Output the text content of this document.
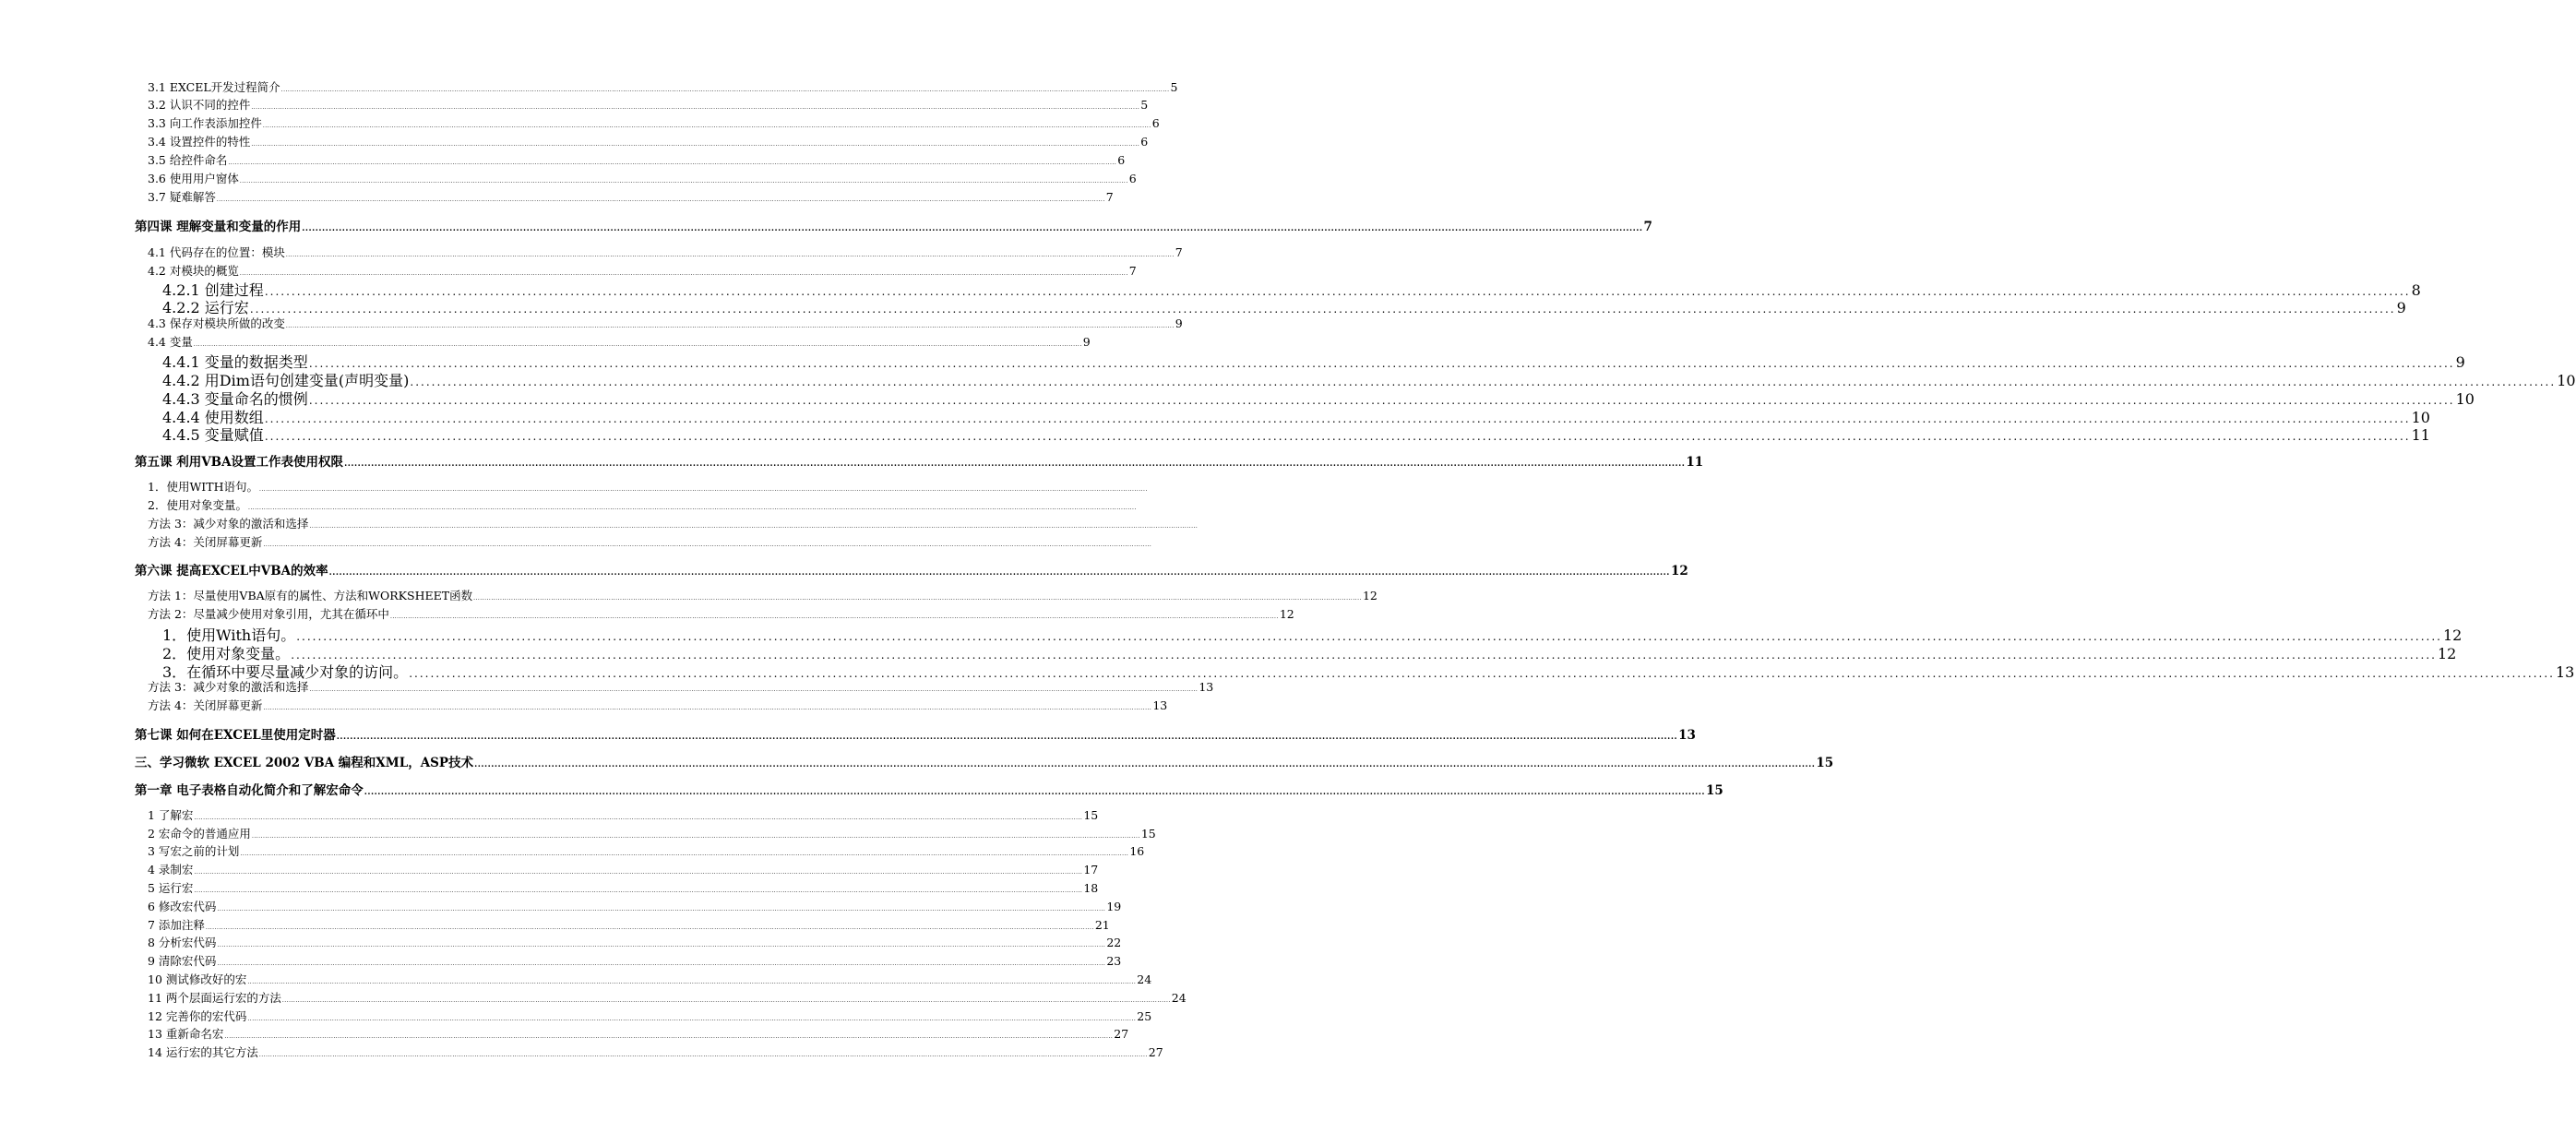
3.1 EXCEL开发过程简介 ................................................................................................................................................................................................................................................................................................................................................................................................................ 5
3.2 认识不同的控件 ................................................................................................................................................................................................................................................................................................................................................................................................................ 5
3.3 向工作表添加控件 ................................................................................................................................................................................................................................................................................................................................................................................................................ 6
3.4 设置控件的特性 ................................................................................................................................................................................................................................................................................................................................................................................................................ 6
3.5 给控件命名 ................................................................................................................................................................................................................................................................................................................................................................................................................ 6
3.6 使用用户窗体 ................................................................................................................................................................................................................................................................................................................................................................................................................ 6
3.7 疑难解答 ................................................................................................................................................................................................................................................................................................................................................................................................................ 7
第四课 理解变量和变量的作用 ................................................................................................................................................................................................................................................................................................................................................................................................................ 7
4.1 代码存在的位置：模块 ................................................................................................................................................................................................................................................................................................................................................................................................................ 7
4.2 对模块的概览 ................................................................................................................................................................................................................................................................................................................................................................................................................ 7
4.2.1 创建过程 ................................................................................................................................................................................................................................................................................................................................................................................................................ 8
4.2.2 运行宏 ................................................................................................................................................................................................................................................................................................................................................................................................................ 9
4.3 保存对模块所做的改变 ................................................................................................................................................................................................................................................................................................................................................................................................................ 9
4.4 变量 ................................................................................................................................................................................................................................................................................................................................................................................................................ 9
4.4.1 变量的数据类型 ................................................................................................................................................................................................................................................................................................................................................................................................................ 9
4.4.2 用Dim语句创建变量(声明变量) ................................................................................................................................................................................................................................................................................................................................................................................................................ 10
4.4.3 变量命名的惯例 ................................................................................................................................................................................................................................................................................................................................................................................................................ 10
4.4.4 使用数组 ................................................................................................................................................................................................................................................................................................................................................................................................................ 10
4.4.5 变量赋值 ................................................................................................................................................................................................................................................................................................................................................................................................................ 11
第五课 利用VBA设置工作表使用权限 ................................................................................................................................................................................................................................................................................................................................................................................................................ 11
1．使用WITH语句。 ................................................................................................................................................................................................................................................................................................................................................................................................................
2．使用对象变量。 ................................................................................................................................................................................................................................................................................................................................................................................................................
方法 3：减少对象的激活和选择 ................................................................................................................................................................................................................................................................................................................................................................................................................
方法 4：关闭屏幕更新 ................................................................................................................................................................................................................................................................................................................................................................................................................
第六课 提高EXCEL中VBA的效率 ................................................................................................................................................................................................................................................................................................................................................................................................................ 12
方法 1：尽量使用VBA原有的属性、方法和WORKSHEET函数 ................................................................................................................................................................................................................................................................................................................................................................................................................ 12
方法 2：尽量减少使用对象引用，尤其在循环中 ................................................................................................................................................................................................................................................................................................................................................................................................................ 12
1．使用With语句。 ................................................................................................................................................................................................................................................................................................................................................................................................................ 12
2．使用对象变量。 ................................................................................................................................................................................................................................................................................................................................................................................................................ 12
3．在循环中要尽量减少对象的访问。 ................................................................................................................................................................................................................................................................................................................................................................................................................ 13
方法 3：减少对象的激活和选择 ................................................................................................................................................................................................................................................................................................................................................................................................................ 13
方法 4：关闭屏幕更新 ................................................................................................................................................................................................................................................................................................................................................................................................................ 13
第七课 如何在EXCEL里使用定时器 ................................................................................................................................................................................................................................................................................................................................................................................................................ 13
三、学习微软 EXCEL 2002 VBA 编程和XML，ASP技术 ................................................................................................................................................................................................................................................................................................................................................................................................................ 15
第一章 电子表格自动化简介和了解宏命令 ................................................................................................................................................................................................................................................................................................................................................................................................................ 15
1 了解宏 ................................................................................................................................................................................................................................................................................................................................................................................................................ 15
2 宏命令的普通应用 ................................................................................................................................................................................................................................................................................................................................................................................................................ 15
3 写宏之前的计划 ................................................................................................................................................................................................................................................................................................................................................................................................................ 16
4 录制宏 ................................................................................................................................................................................................................................................................................................................................................................................................................ 17
5 运行宏 ................................................................................................................................................................................................................................................................................................................................................................................................................ 18
6 修改宏代码 ................................................................................................................................................................................................................................................................................................................................................................................................................ 19
7 添加注释 ................................................................................................................................................................................................................................................................................................................................................................................................................ 21
8 分析宏代码 ................................................................................................................................................................................................................................................................................................................................................................................................................ 22
9 清除宏代码 ................................................................................................................................................................................................................................................................................................................................................................................................................ 23
10 测试修改好的宏 ................................................................................................................................................................................................................................................................................................................................................................................................................ 24
11 两个层面运行宏的方法 ................................................................................................................................................................................................................................................................................................................................................................................................................ 24
12 完善你的宏代码 ................................................................................................................................................................................................................................................................................................................................................................................................................ 25
13 重新命名宏 ................................................................................................................................................................................................................................................................................................................................................................................................................ 27
14 运行宏的其它方法 ................................................................................................................................................................................................................................................................................................................................................................................................................ 27
